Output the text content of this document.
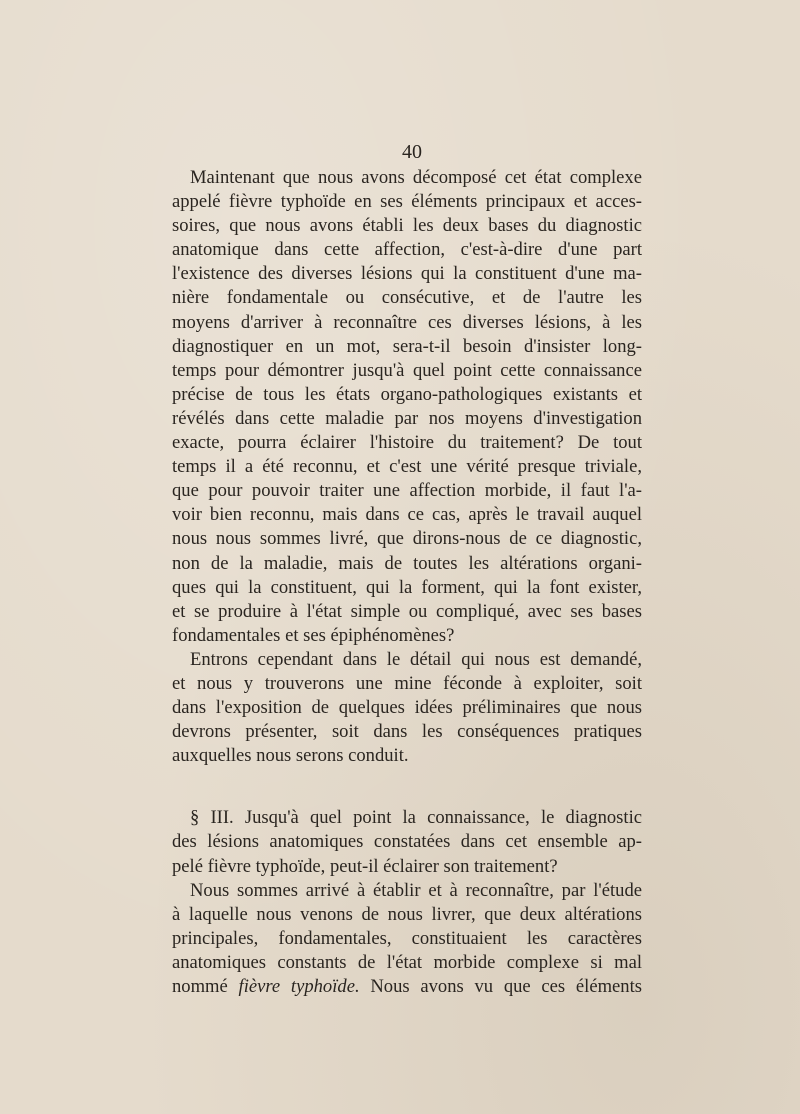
40
Maintenant que nous avons décomposé cet état complexe
appelé fièvre typhoïde en ses éléments principaux et acces-
soires, que nous avons établi les deux bases du diagnostic
anatomique dans cette affection, c'est-à-dire d'une part
l'existence des diverses lésions qui la constituent d'une ma-
nière fondamentale ou consécutive, et de l'autre les
moyens d'arriver à reconnaître ces diverses lésions, à les
diagnostiquer en un mot, sera-t-il besoin d'insister long-
temps pour démontrer jusqu'à quel point cette connaissance
précise de tous les états organo-pathologiques existants et
révélés dans cette maladie par nos moyens d'investigation
exacte, pourra éclairer l'histoire du traitement? De tout
temps il a été reconnu, et c'est une vérité presque triviale,
que pour pouvoir traiter une affection morbide, il faut l'a-
voir bien reconnu, mais dans ce cas, après le travail auquel
nous nous sommes livré, que dirons-nous de ce diagnostic,
non de la maladie, mais de toutes les altérations organi-
ques qui la constituent, qui la forment, qui la font exister,
et se produire à l'état simple ou compliqué, avec ses bases
fondamentales et ses épiphénomènes?
Entrons cependant dans le détail qui nous est demandé,
et nous y trouverons une mine féconde à exploiter, soit
dans l'exposition de quelques idées préliminaires que nous
devrons présenter, soit dans les conséquences pratiques
auxquelles nous serons conduit.
§ III. Jusqu'à quel point la connaissance, le diagnostic
des lésions anatomiques constatées dans cet ensemble ap-
pelé fièvre typhoïde, peut-il éclairer son traitement?
Nous sommes arrivé à établir et à reconnaître, par l'étude
à laquelle nous venons de nous livrer, que deux altérations
principales, fondamentales, constituaient les caractères
anatomiques constants de l'état morbide complexe si mal
nommé fièvre typhoïde. Nous avons vu que ces éléments
